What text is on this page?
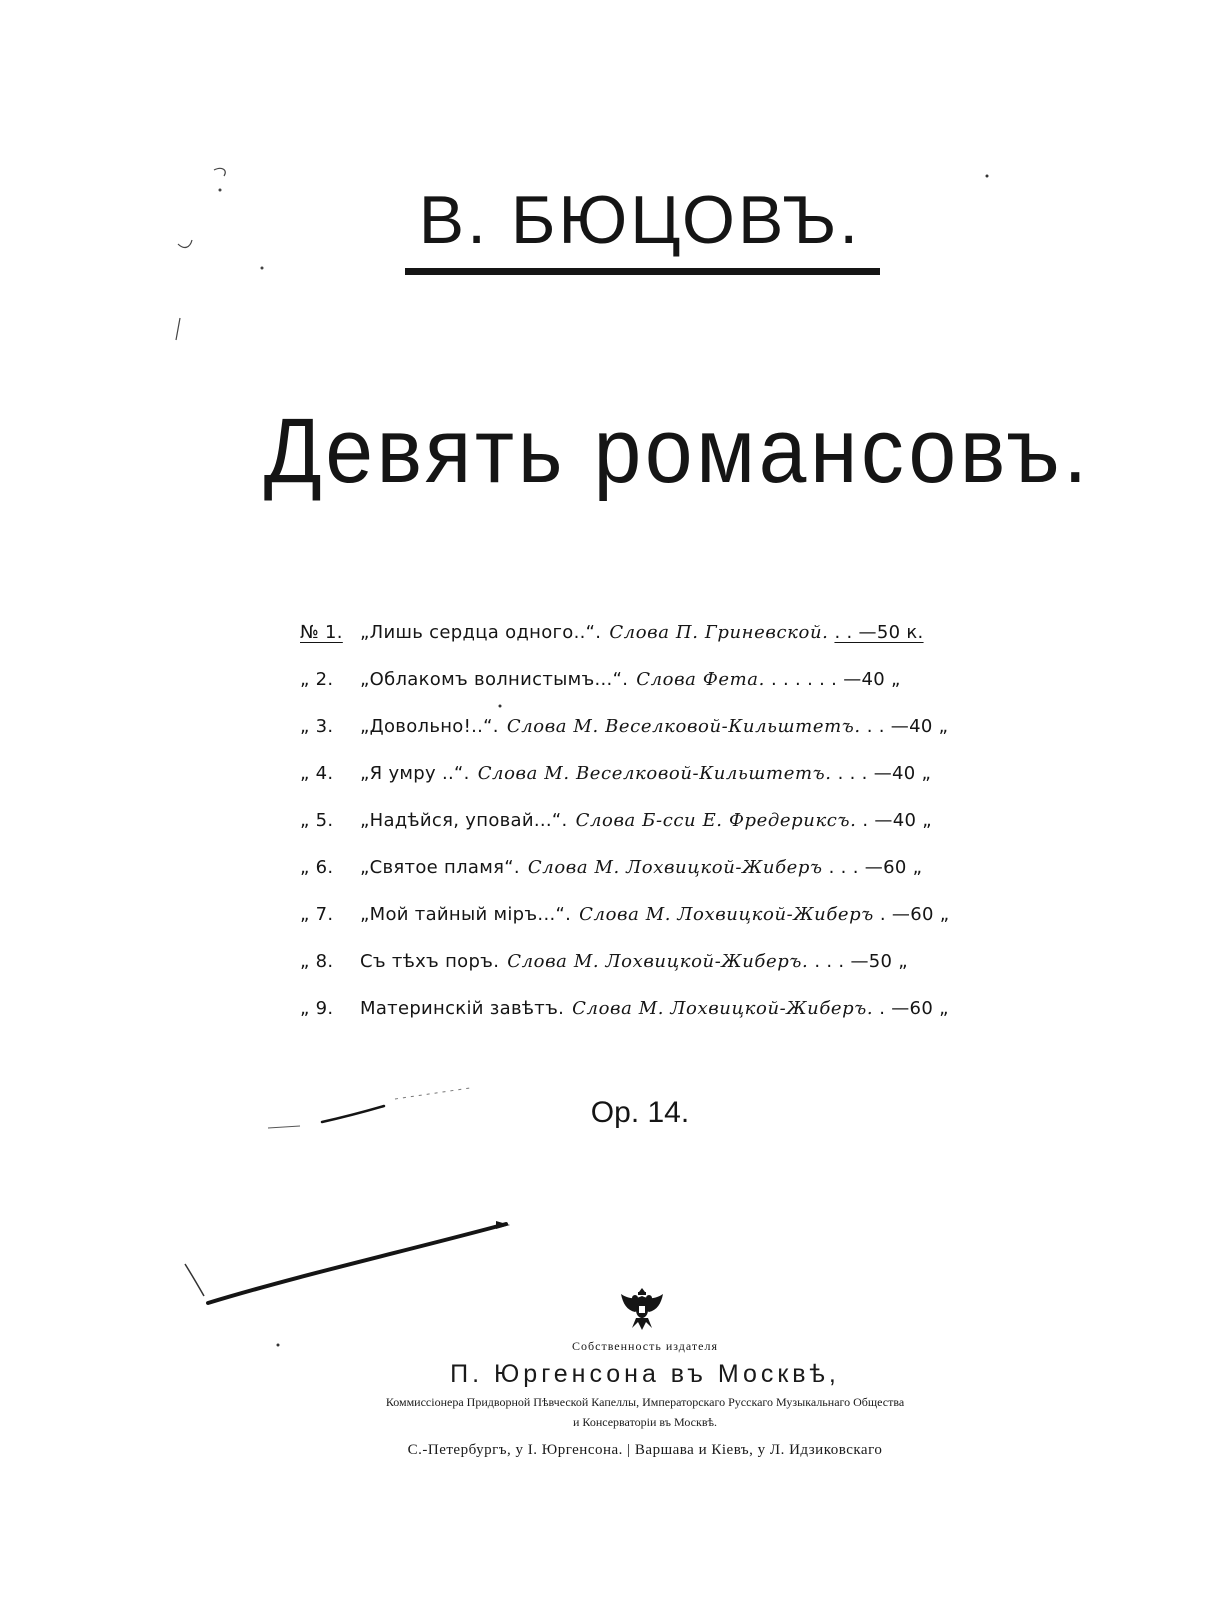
В. БЮЦОВЪ.
Девять романсовъ.
№ 1. „Лишь сердца одного..“. Слова П. Гриневской. . . —50 к.
„ 2.	„Облакомъ волнистымъ...“. Слова Фета. . . . . . . —40 „
„ 3.	„Довольно!..“. Слова М. Веселковой-Кильштетъ. . . —40 „
„ 4.	„Я умру ..“. Слова М. Веселковой-Кильштетъ. . . . —40 „
„ 5.	„Надѣйся, уповай...“. Слова Б-сси Е. Фредериксъ. . —40 „
„ 6.	„Святое пламя“. Слова М. Лохвицкой-Жиберъ . . . —60 „
„ 7.	„Мой тайный мiръ...“. Слова М. Лохвицкой-Жиберъ . —60 „
„ 8.	Съ тѣхъ поръ. Слова М. Лохвицкой-Жиберъ. . . . —50 „
„ 9.	Материнскiй завѣтъ. Слова М. Лохвицкой-Жиберъ. . —60 „
Op. 14.
Собственность издателя
П. Юргенсона въ Москвѣ,
Коммиссіонера Придворной Пѣвческой Капеллы, Императорскаго Русскаго Музыкальнаго Общества
и Консерваторіи въ Москвѣ.
С.-Петербургъ, у І. Юргенсона. | Варшава и Кіевъ, у Л. Идзиковскаго
